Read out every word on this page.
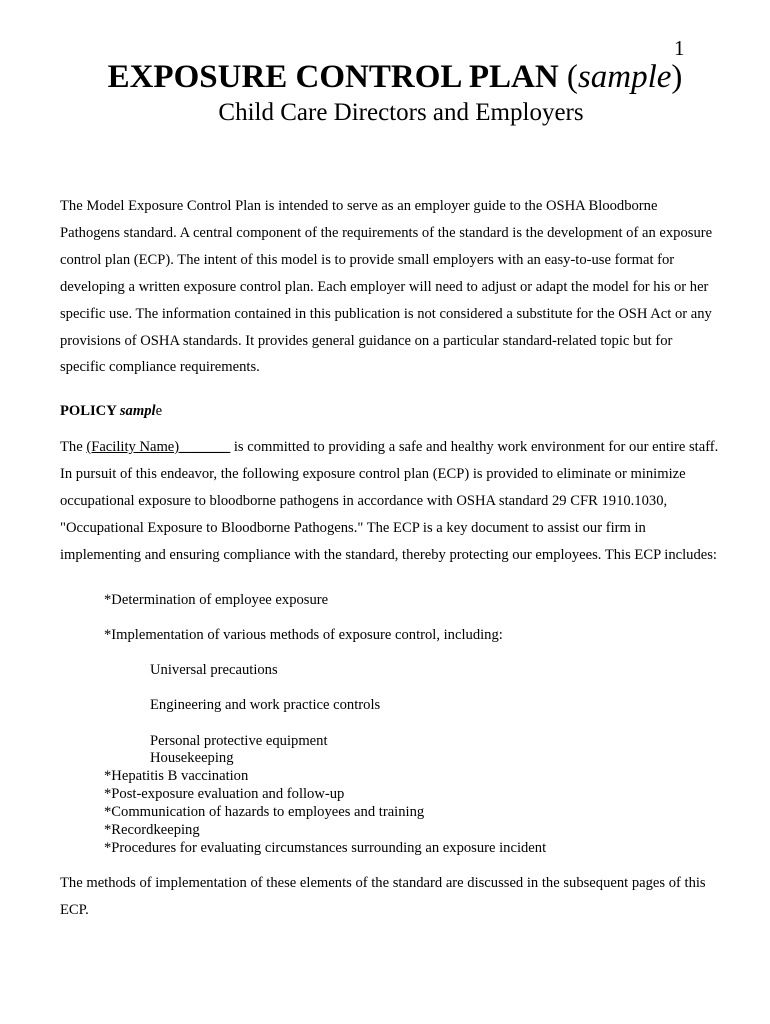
1
EXPOSURE CONTROL PLAN (sample)
Child Care Directors and Employers
The Model Exposure Control Plan is intended to serve as an employer guide to the OSHA Bloodborne
Pathogens standard. A central component of the requirements of the standard is the development of an exposure
control plan (ECP). The intent of this model is to provide small employers with an easy-to-use format for
developing a written exposure control plan. Each employer will need to adjust or adapt the model for his or her
specific use. The information contained in this publication is not considered a substitute for the OSH Act or any
provisions of OSHA standards. It provides general guidance on a particular standard-related topic but for
specific compliance requirements.
POLICY sample
The (Facility Name)_______ is committed to providing a safe and healthy work environment for our entire staff.
In pursuit of this endeavor, the following exposure control plan (ECP) is provided to eliminate or minimize
occupational exposure to bloodborne pathogens in accordance with OSHA standard 29 CFR 1910.1030,
"Occupational Exposure to Bloodborne Pathogens." The ECP is a key document to assist our firm in
implementing and ensuring compliance with the standard, thereby protecting our employees. This ECP includes:
*Determination of employee exposure
*Implementation of various methods of exposure control, including:
Universal precautions
Engineering and work practice controls
Personal protective equipment
Housekeeping
*Hepatitis B vaccination
*Post-exposure evaluation and follow-up
*Communication of hazards to employees and training
*Recordkeeping
*Procedures for evaluating circumstances surrounding an exposure incident
The methods of implementation of these elements of the standard are discussed in the subsequent pages of this
ECP.
